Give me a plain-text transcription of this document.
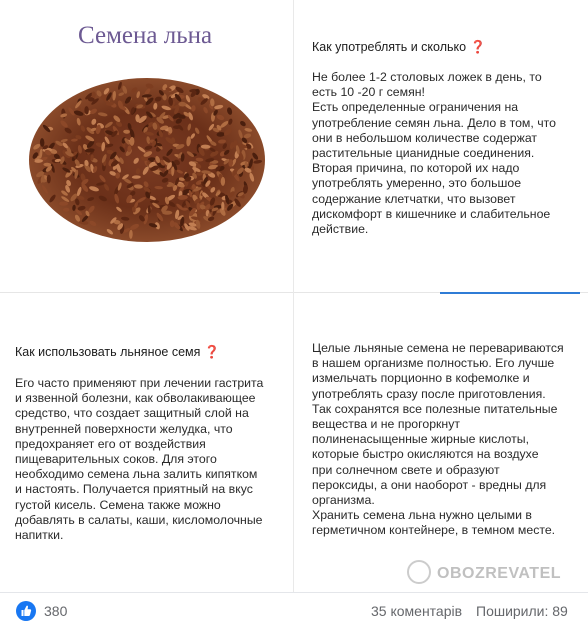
Семена льна	Как употреблять и сколько ❓

Не более 1-2 столовых ложек в день, то
есть 10 -20 г семян!
Есть определенные ограничения на
употребление семян льна. Дело в том, что
они в небольшом количестве содержат
растительные цианидные соединения.
Вторая причина, по которой их надо
употреблять умеренно, это большое
содержание клетчатки, что вызовет
дискомфорт в кишечнике и слабительное
действие.

Как использовать льняное семя ❓

Его часто применяют при лечении гастрита
и язвенной болезни, как обволакивающее
средство, что создает защитный слой на
внутренней поверхности желудка, что
предохраняет его от воздействия
пищеварительных соков. Для этого
необходимо семена льна залить кипятком
и настоять. Получается приятный на вкус
густой кисель. Семена также можно
добавлять в салаты, каши, кисломолочные
напитки.
Целые льняные семена не перевариваются
в нашем организме полностью. Его лучше
измельчать порционно в кофемолке и
употреблять сразу после приготовления.
Так сохранятся все полезные питательные
вещества и не прогоркнут
полиненасыщенные жирные кислоты,
которые быстро окисляются на воздухе
при солнечном свете и образуют
пероксиды, а они наоборот - вредны для
организма.
Хранить семена льна нужно целыми в
герметичном контейнере, в темном месте.
OBOZREVATEL
380	35 коментарів Поширили: 89
